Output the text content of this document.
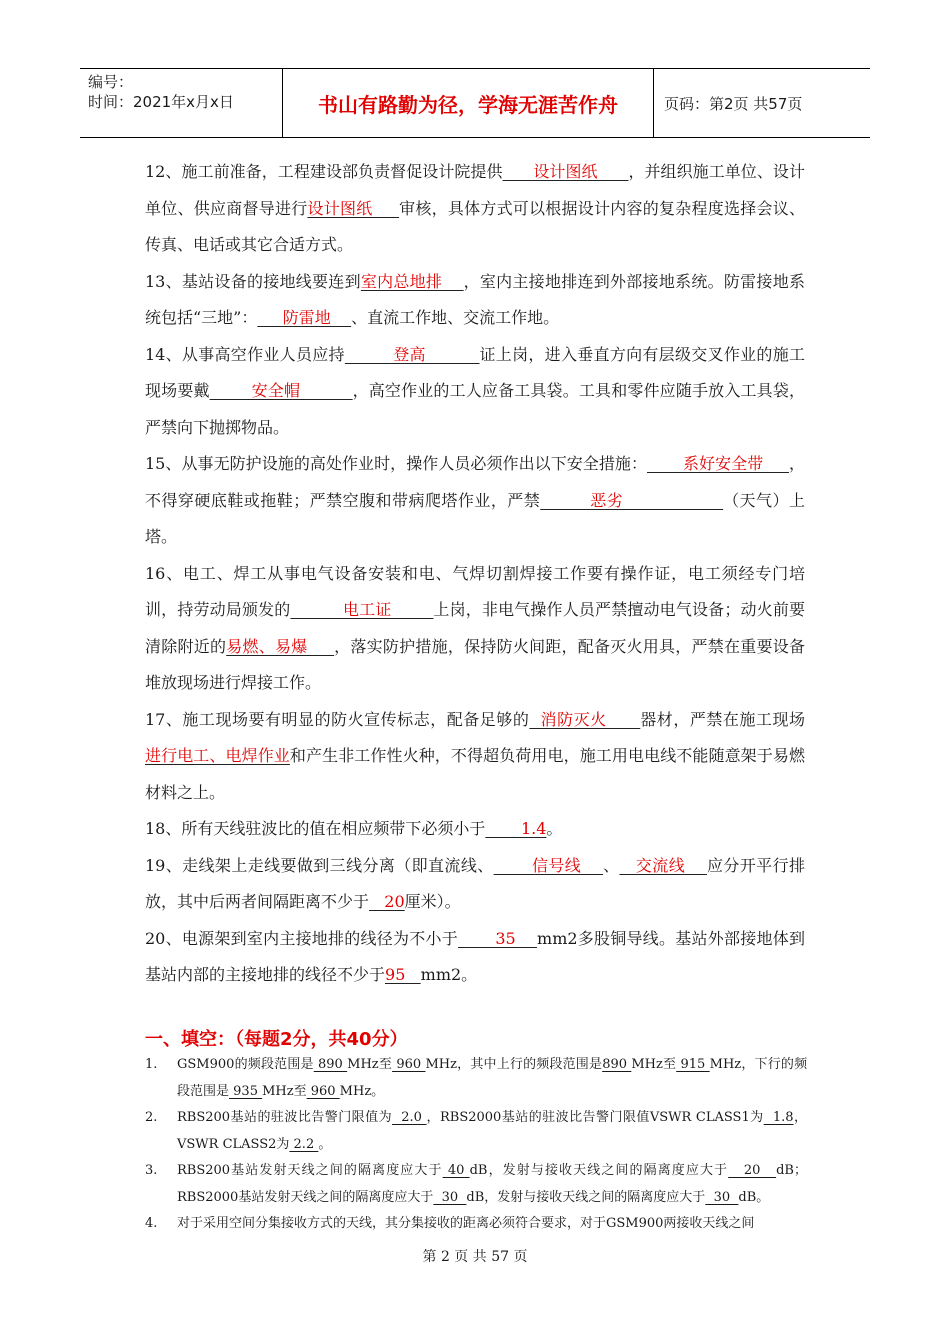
编号：
时间：2021年x月x日	书山有路勤为径，学海无涯苦作舟	页码：第2页 共57页
12、施工前准备，工程建设部负责督促设计院提供      设计图纸      ，并组织施工单位、设计单位、供应商督导进行设计图纸     审核，具体方式可以根据设计内容的复杂程度选择会议、传真、电话或其它合适方式。
13、基站设备的接地线要连到室内总地排    ，室内主接地排连到外部接地系统。防雷接地系统包括“三地”：     防雷地    、直流工作地、交流工作地。
14、从事高空作业人员应持         登高          证上岗，进入垂直方向有层级交叉作业的施工现场要戴        安全帽          ，高空作业的工人应备工具袋。工具和零件应随手放入工具袋，严禁向下抛掷物品。
15、从事无防护设施的高处作业时，操作人员必须作出以下安全措施：       系好安全带     ，不得穿硬底鞋或拖鞋；严禁空腹和带病爬塔作业，严禁         恶劣                  （天气）上塔。
16、电工、焊工从事电气设备安装和电、气焊切割焊接工作要有操作证，电工须经专门培训，持劳动局颁发的          电工证        上岗，非电气操作人员严禁擅动电气设备；动火前要清除附近的易燃、易爆     ，落实防护措施，保持防火间距，配备灭火用具，严禁在重要设备堆放现场进行焊接工作。
17、施工现场要有明显的防火宣传标志，配备足够的  消防灭火      器材，严禁在施工现场进行电工、电焊作业和产生非工作性火种，不得超负荷用电，施工用电电线不能随意架于易燃材料之上。
18、所有天线驻波比的值在相应频带下必须小于       1.4。
19、走线架上走线要做到三线分离（即直流线、       信号线    、   交流线    应分开平行排放，其中后两者间隔距离不少于   20厘米）。
20、电源架到室内主接地排的线径为不小于       35    mm2多股铜导线。基站外部接地体到基站内部的主接地排的线径不少于95   mm2。
一、填空：（每题2分，共40分）
1.	GSM900的频段范围是 890 MHz至 960 MHz，其中上行的频段范围是890 MHz至 915 MHz，下行的频段范围是 935 MHz至 960 MHz。
2.	RBS200基站的驻波比告警门限值为  2.0 ，RBS2000基站的驻波比告警门限值VSWR CLASS1为  1.8，VSWR CLASS2为 2.2 。
3.	RBS200基站发射天线之间的隔离度应大于 40 dB，发射与接收天线之间的隔离度应大于   20   dB；RBS2000基站发射天线之间的隔离度应大于  30  dB，发射与接收天线之间的隔离度应大于  30  dB。
4.	对于采用空间分集接收方式的天线，其分集接收的距离必须符合要求，对于GSM900两接收天线之间
第 2 页 共 57 页
